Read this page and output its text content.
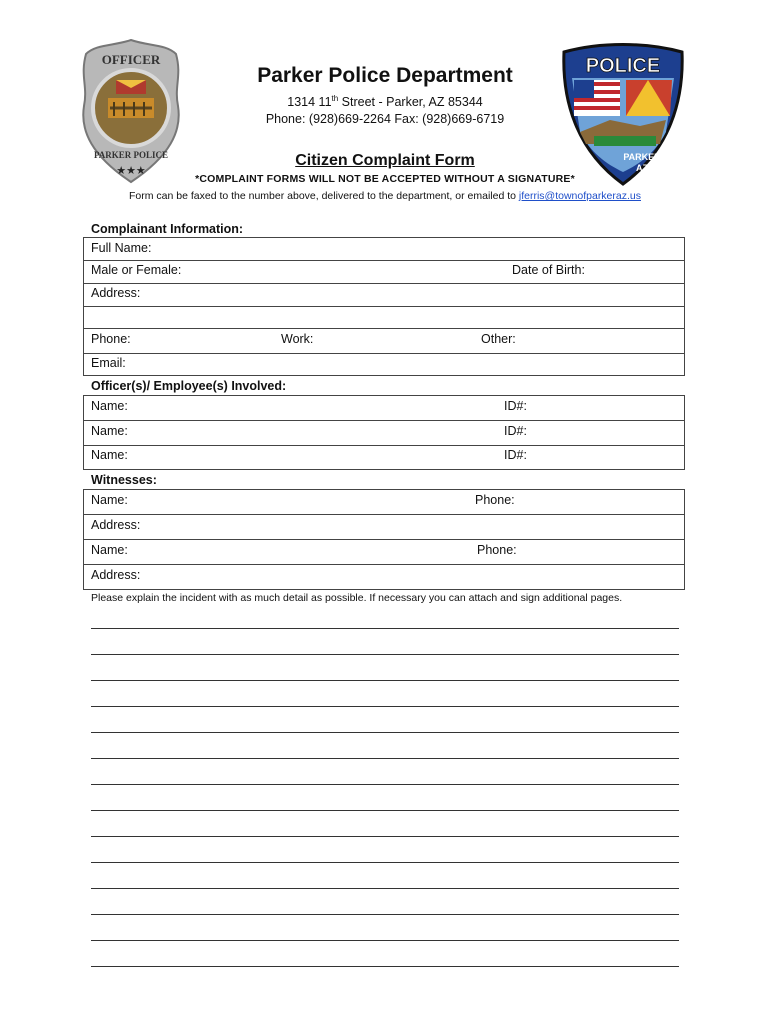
OFFICER
PARKER POLICE
★★★
POLICE
PARKER
AZ
Parker Police Department
1314 11th Street - Parker, AZ 85344
Phone: (928)669-2264 Fax: (928)669-6719
Citizen Complaint Form
*COMPLAINT FORMS WILL NOT BE ACCEPTED WITHOUT A SIGNATURE*
Form can be faxed to the number above, delivered to the department, or emailed to jferris@townofparkeraz.us
Complainant Information:
Full Name:
Male or Female:	Date of Birth:
Address:
Phone:	Work:	Other:
Email:
Officer(s)/ Employee(s) Involved:
Name:	ID#:
Name:	ID#:
Name:	ID#:
Witnesses:
Name:	Phone:
Address:
Name:	Phone:
Address:
Please explain the incident with as much detail as possible. If necessary you can attach and sign additional pages.
